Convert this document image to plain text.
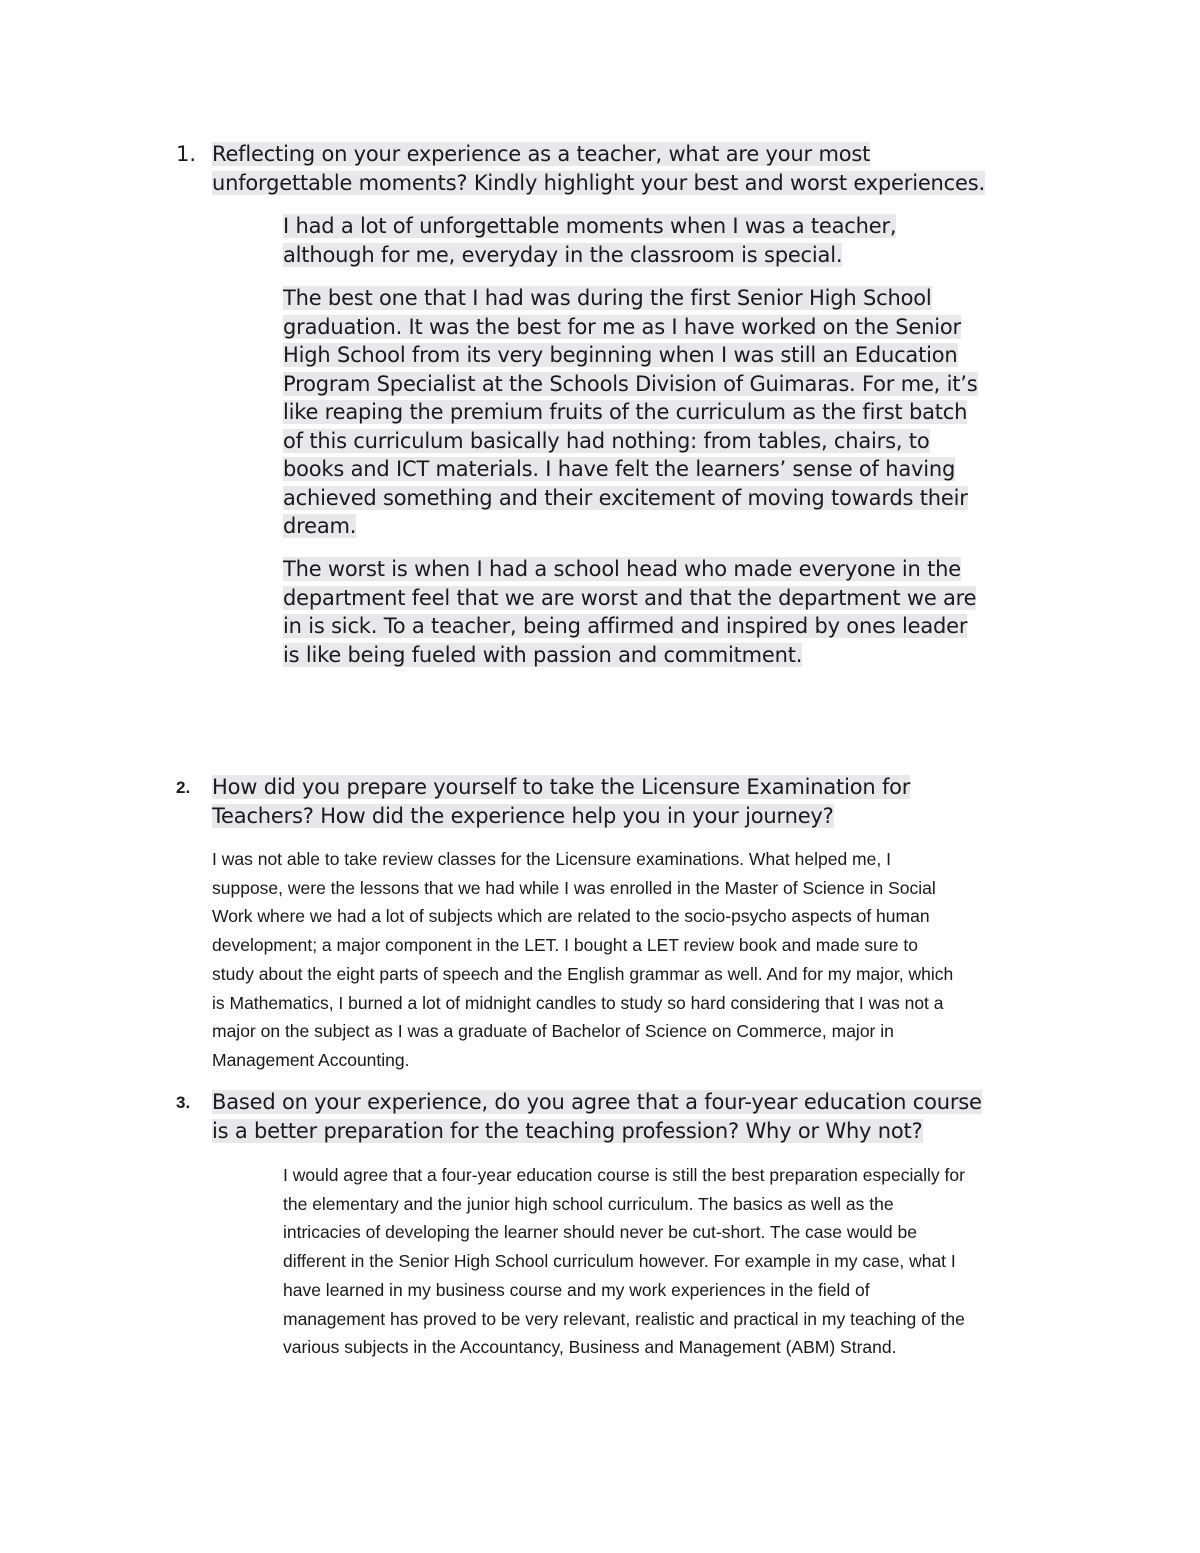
1. Reflecting on your experience as a teacher, what are your most
unforgettable moments? Kindly highlight your best and worst experiences.
I had a lot of unforgettable moments when I was a teacher,
although for me, everyday in the classroom is special.
The best one that I had was during the first Senior High School
graduation. It was the best for me as I have worked on the Senior
High School from its very beginning when I was still an Education
Program Specialist at the Schools Division of Guimaras. For me, it’s
like reaping the premium fruits of the curriculum as the first batch
of this curriculum basically had nothing: from tables, chairs, to
books and ICT materials. I have felt the learners’ sense of having
achieved something and their excitement of moving towards their
dream.
The worst is when I had a school head who made everyone in the
department feel that we are worst and that the department we are
in is sick. To a teacher, being affirmed and inspired by ones leader
is like being fueled with passion and commitment.
2. How did you prepare yourself to take the Licensure Examination for
Teachers? How did the experience help you in your journey?
I was not able to take review classes for the Licensure examinations. What helped me, I
suppose, were the lessons that we had while I was enrolled in the Master of Science in Social
Work where we had a lot of subjects which are related to the socio-psycho aspects of human
development; a major component in the LET. I bought a LET review book and made sure to
study about the eight parts of speech and the English grammar as well. And for my major, which
is Mathematics, I burned a lot of midnight candles to study so hard considering that I was not a
major on the subject as I was a graduate of Bachelor of Science on Commerce, major in
Management Accounting.
3. Based on your experience, do you agree that a four-year education course
is a better preparation for the teaching profession? Why or Why not?
I would agree that a four-year education course is still the best preparation especially for
the elementary and the junior high school curriculum. The basics as well as the
intricacies of developing the learner should never be cut-short. The case would be
different in the Senior High School curriculum however. For example in my case, what I
have learned in my business course and my work experiences in the field of
management has proved to be very relevant, realistic and practical in my teaching of the
various subjects in the Accountancy, Business and Management (ABM) Strand.
